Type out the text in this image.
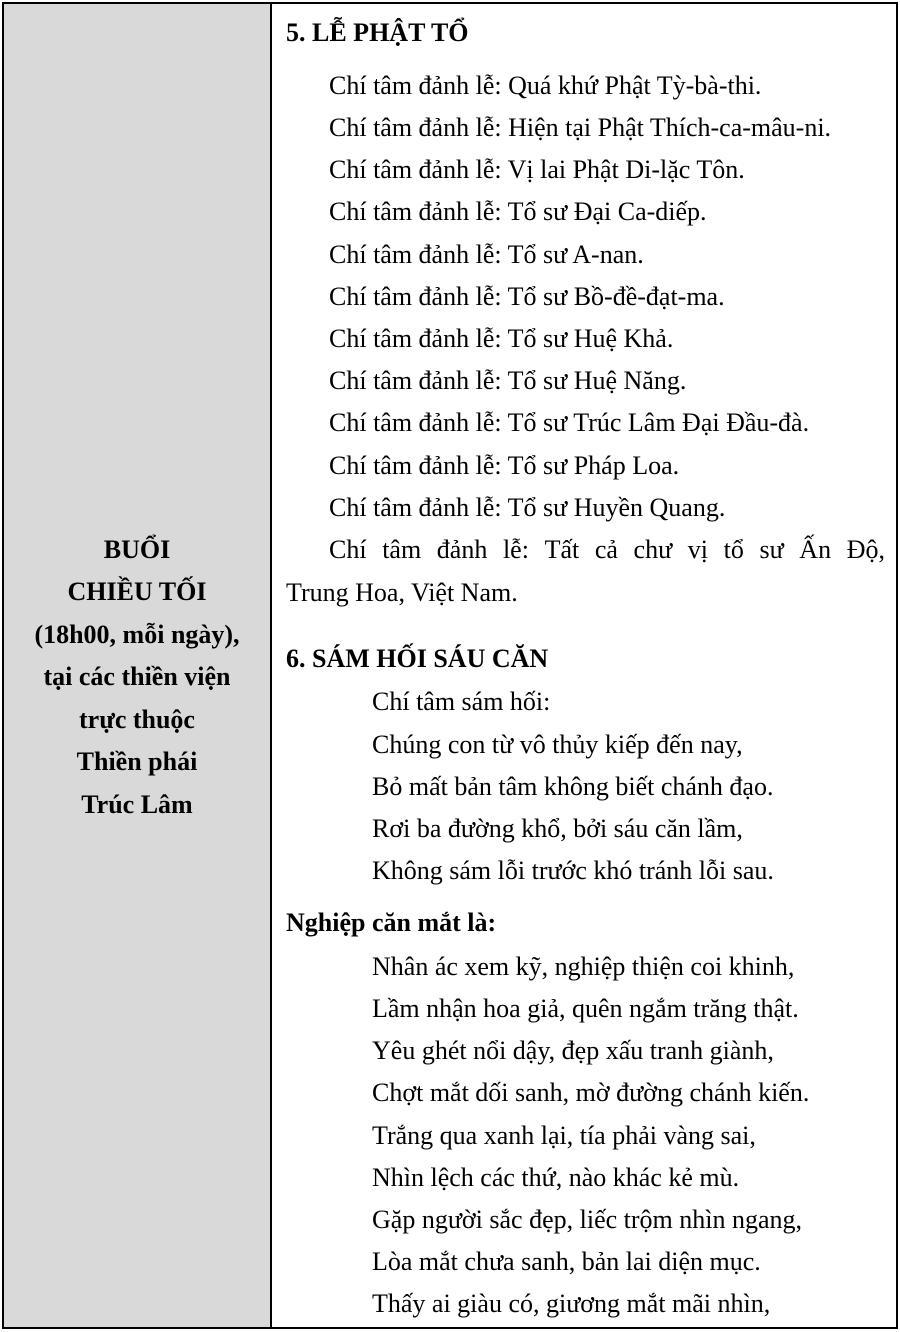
BUỔI
CHIỀU TỐI
(18h00, mỗi ngày),
tại các thiền viện
trực thuộc
Thiền phái
Trúc Lâm
5. LỄ PHẬT TỔ
Chí tâm đảnh lễ: Quá khứ Phật Tỳ-bà-thi.
Chí tâm đảnh lễ: Hiện tại Phật Thích-ca-mâu-ni.
Chí tâm đảnh lễ: Vị lai Phật Di-lặc Tôn.
Chí tâm đảnh lễ: Tổ sư Đại Ca-diếp.
Chí tâm đảnh lễ: Tổ sư A-nan.
Chí tâm đảnh lễ: Tổ sư Bồ-đề-đạt-ma.
Chí tâm đảnh lễ: Tổ sư Huệ Khả.
Chí tâm đảnh lễ: Tổ sư Huệ Năng.
Chí tâm đảnh lễ: Tổ sư Trúc Lâm Đại Đầu-đà.
Chí tâm đảnh lễ: Tổ sư Pháp Loa.
Chí tâm đảnh lễ: Tổ sư Huyền Quang.
Chí tâm đảnh lễ: Tất cả chư vị tổ sư Ấn Độ,
Trung Hoa, Việt Nam.
6. SÁM HỐI SÁU CĂN
Chí tâm sám hối:
Chúng con từ vô thủy kiếp đến nay,
Bỏ mất bản tâm không biết chánh đạo.
Rơi ba đường khổ, bởi sáu căn lầm,
Không sám lỗi trước khó tránh lỗi sau.
Nghiệp căn mắt là:
Nhân ác xem kỹ, nghiệp thiện coi khinh,
Lầm nhận hoa giả, quên ngắm trăng thật.
Yêu ghét nổi dậy, đẹp xấu tranh giành,
Chợt mắt dối sanh, mờ đường chánh kiến.
Trắng qua xanh lại, tía phải vàng sai,
Nhìn lệch các thứ, nào khác kẻ mù.
Gặp người sắc đẹp, liếc trộm nhìn ngang,
Lòa mắt chưa sanh, bản lai diện mục.
Thấy ai giàu có, giương mắt mãi nhìn,
